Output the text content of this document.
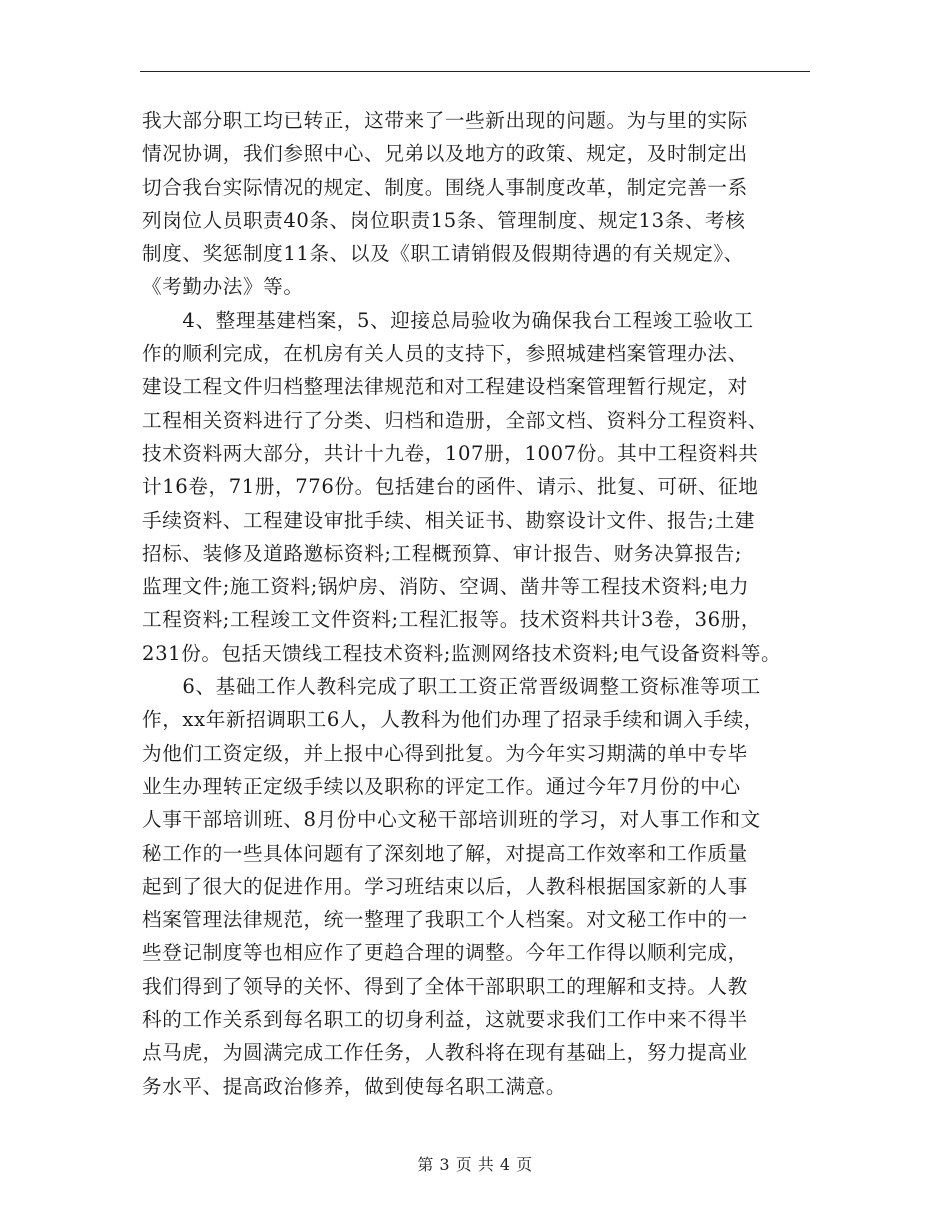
我大部分职工均已转正，这带来了一些新出现的问题。为与里的实际
情况协调，我们参照中心、兄弟以及地方的政策、规定，及时制定出
切合我台实际情况的规定、制度。围绕人事制度改革，制定完善一系
列岗位人员职责40条、岗位职责15条、管理制度、规定13条、考核
制度、奖惩制度11条、以及《职工请销假及假期待遇的有关规定》、
《考勤办法》等。
　　4、整理基建档案，5、迎接总局验收为确保我台工程竣工验收工
作的顺利完成，在机房有关人员的支持下，参照城建档案管理办法、
建设工程文件归档整理法律规范和对工程建设档案管理暂行规定，对
工程相关资料进行了分类、归档和造册，全部文档、资料分工程资料、
技术资料两大部分，共计十九卷，107册，1007份。其中工程资料共
计16卷，71册，776份。包括建台的函件、请示、批复、可研、征地
手续资料、工程建设审批手续、相关证书、勘察设计文件、报告;土建
招标、装修及道路邀标资料;工程概预算、审计报告、财务决算报告;
监理文件;施工资料;锅炉房、消防、空调、凿井等工程技术资料;电力
工程资料;工程竣工文件资料;工程汇报等。技术资料共计3卷，36册，
231份。包括天馈线工程技术资料;监测网络技术资料;电气设备资料等。
　　6、基础工作人教科完成了职工工资正常晋级调整工资标准等项工
作，xx年新招调职工6人，人教科为他们办理了招录手续和调入手续，
为他们工资定级，并上报中心得到批复。为今年实习期满的单中专毕
业生办理转正定级手续以及职称的评定工作。通过今年7月份的中心
人事干部培训班、8月份中心文秘干部培训班的学习，对人事工作和文
秘工作的一些具体问题有了深刻地了解，对提高工作效率和工作质量
起到了很大的促进作用。学习班结束以后，人教科根据国家新的人事
档案管理法律规范，统一整理了我职工个人档案。对文秘工作中的一
些登记制度等也相应作了更趋合理的调整。今年工作得以顺利完成，
我们得到了领导的关怀、得到了全体干部职职工的理解和支持。人教
科的工作关系到每名职工的切身利益，这就要求我们工作中来不得半
点马虎，为圆满完成工作任务，人教科将在现有基础上，努力提高业
务水平、提高政治修养，做到使每名职工满意。
第 3 页 共 4 页
